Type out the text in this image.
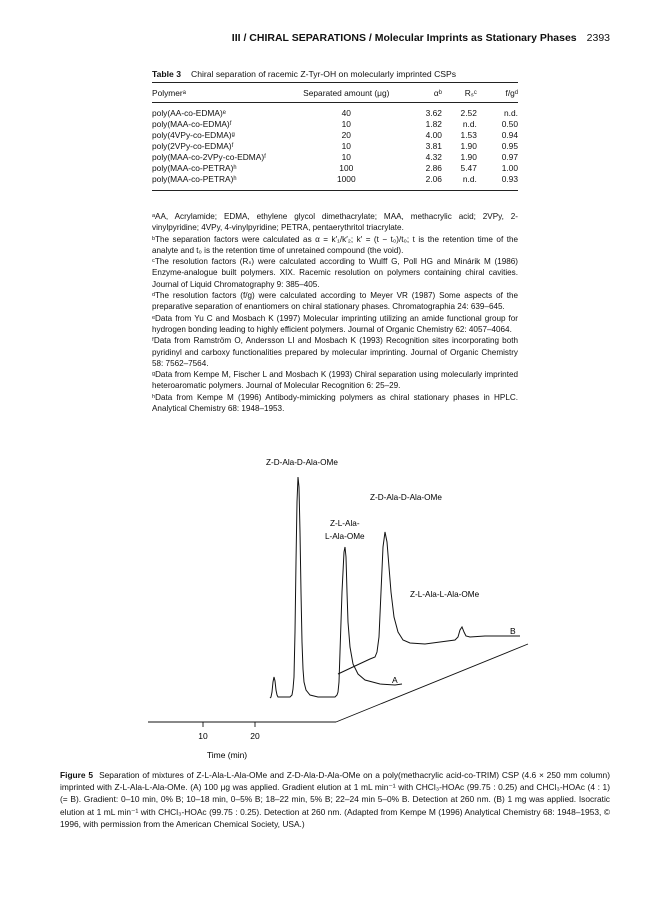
III / CHIRAL SEPARATIONS / Molecular Imprints as Stationary Phases 2393
Table 3 Chiral separation of racemic Z-Tyr-OH on molecularly imprinted CSPs
Polymerᵃ	Separated amount (μg)	αᵇ	Rₛᶜ	f/gᵈ
poly(AA-co-EDMA)ᵉ	40	3.62	2.52	n.d.
poly(MAA-co-EDMA)ᶠ	10	1.82	n.d.	0.50
poly(4VPy-co-EDMA)ᵍ	20	4.00	1.53	0.94
poly(2VPy-co-EDMA)ᶠ	10	3.81	1.90	0.95
poly(MAA-co-2VPy-co-EDMA)ᶠ	10	4.32	1.90	0.97
poly(MAA-co-PETRA)ʰ	100	2.86	5.47	1.00
poly(MAA-co-PETRA)ʰ	1000	2.06	n.d.	0.93

ᵃAA, Acrylamide; EDMA, ethylene glycol dimethacrylate; MAA, methacrylic acid; 2VPy, 2-vinylpyridine; 4VPy, 4-vinylpyridine; PETRA, pentaerythritol triacrylate.

ᵇThe separation factors were calculated as α = k′₁/k′₂; k′ = (t − t₀)/t₀; t is the retention time of the analyte and t₀ is the retention time of unretained compound (the void).

ᶜThe resolution factors (Rₛ) were calculated according to Wulff G, Poll HG and Minárik M (1986) Enzyme-analogue built polymers. XIX. Racemic resolution on polymers containing chiral cavities. Journal of Liquid Chromatography 9: 385–405.

ᵈThe resolution factors (f/g) were calculated according to Meyer VR (1987) Some aspects of the preparative separation of enantiomers on chiral stationary phases. Chromatographia 24: 639–645.

ᵉData from Yu C and Mosbach K (1997) Molecular imprinting utilizing an amide functional group for hydrogen bonding leading to highly efficient polymers. Journal of Organic Chemistry 62: 4057–4064.

ᶠData from Ramström O, Andersson LI and Mosbach K (1993) Recognition sites incorporating both pyridinyl and carboxy functionalities prepared by molecular imprinting. Journal of Organic Chemistry 58: 7562–7564.

ᵍData from Kempe M, Fischer L and Mosbach K (1993) Chiral separation using molecularly imprinted heteroaromatic polymers. Journal of Molecular Recognition 6: 25–29.

ʰData from Kempe M (1996) Antibody-mimicking polymers as chiral stationary phases in HPLC. Analytical Chemistry 68: 1948–1953.

10	20
Time (min)
A
B
Z-D-Ala-D-Ala-OMe
Z-D-Ala-D-Ala-OMe
Z-L-Ala-
L-Ala-OMe
Z-L-Ala-L-Ala-OMe
Figure 5 Separation of mixtures of Z-L-Ala-L-Ala-OMe and Z-D-Ala-D-Ala-OMe on a poly(methacrylic acid-co-TRIM) CSP (4.6 × 250 mm column) imprinted with Z-L-Ala-L-Ala-OMe. (A) 100 μg was applied. Gradient elution at 1 mL min⁻¹ with CHCl₃-HOAc (99.75 : 0.25) and CHCl₃-HOAc (4 : 1) (= B). Gradient: 0–10 min, 0% B; 10–18 min, 0–5% B; 18–22 min, 5% B; 22–24 min 5–0% B. Detection at 260 nm. (B) 1 mg was applied. Isocratic elution at 1 mL min⁻¹ with CHCl₃-HOAc (99.75 : 0.25). Detection at 260 nm. (Adapted from Kempe M (1996) Analytical Chemistry 68: 1948–1953, © 1996, with permission from the American Chemical Society, USA.)
